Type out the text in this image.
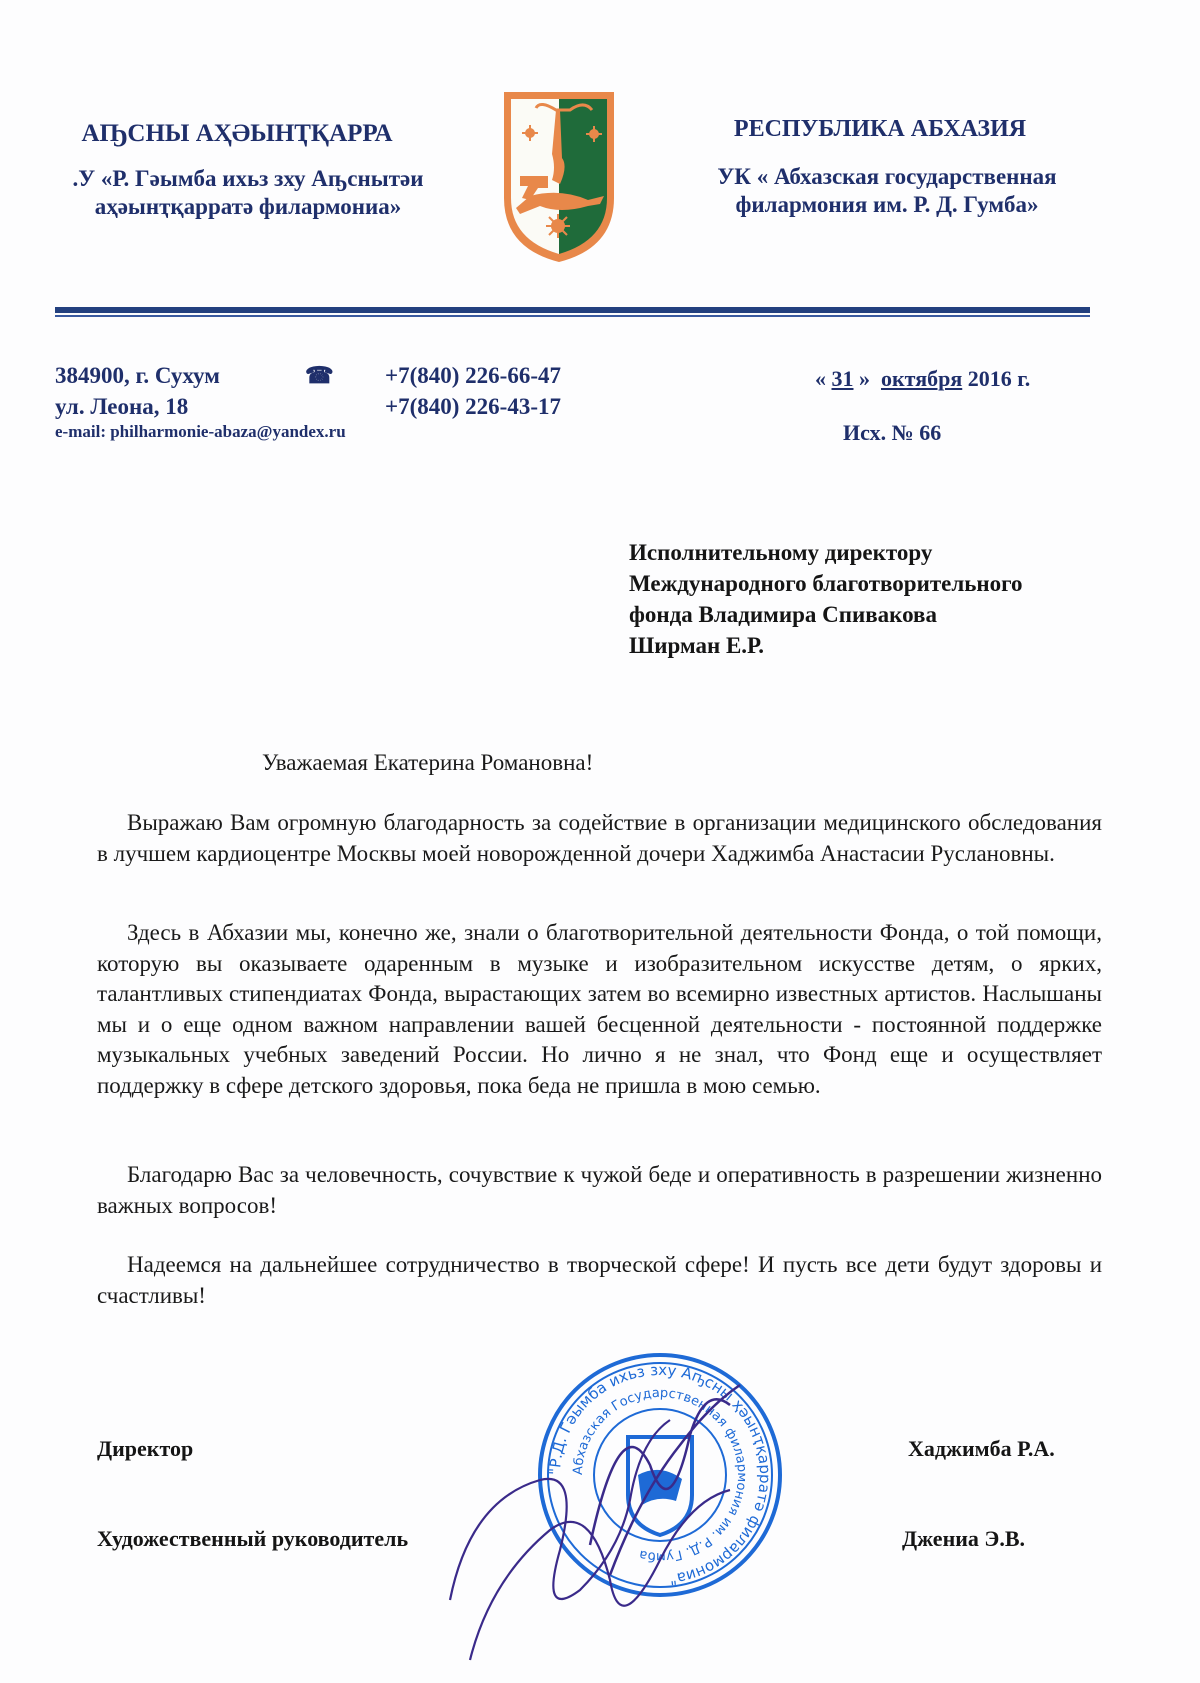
АҦСНЫ АҲӘЫНҬҚАРРА
.У «Р. Гәымба ихьз зху Аҧснытәи
аҳәынҭқарратә филармониа»
РЕСПУБЛИКА АБХАЗИЯ
УК « Абхазская государственная
филармония им. Р. Д. Гумба»
384900, г. Сухум	☎	+7(840) 226-66-47
ул. Леона, 18	+7(840) 226-43-17
e-mail: philharmonie-abaza@yandex.ru
« 31 » октября 2016 г.
Исх. № 66
Исполнительному директору
Международного благотворительного
фонда Владимира Спивакова
Ширман Е.Р.
Уважаемая Екатерина Романовна!

Выражаю Вам огромную благодарность за содействие в организации медицинского обследования в лучшем кардиоцентре Москвы моей новорожденной дочери Хаджимба Анастасии Руслановны.

Здесь в Абхазии мы, конечно же, знали о благотворительной деятельности Фонда, о той помощи, которую вы оказываете одаренным в музыке и изобразительном искусстве детям, о ярких, талантливых стипендиатах Фонда, вырастающих затем во всемирно известных артистов. Наслышаны мы и о еще одном важном направлении вашей бесценной деятельности - постоянной поддержке музыкальных учебных заведений России. Но лично я не знал, что Фонд еще и осуществляет поддержку в сфере детского здоровья, пока беда не пришла в мою семью.

Благодарю Вас за человечность, сочувствие к чужой беде и оперативность в разрешении жизненно важных вопросов!

Надеемся на дальнейшее сотрудничество в творческой сфере! И пусть все дети будут здоровы и счастливы!

"Р.Д. Гәымба ихьз зху Аҧсны ҳәынҭқарратә филармониа"
Абхазская Государственная филармония им. Р.Д. Гумба
Директор	Хаджимба Р.А.
Художественный руководитель	Джениа Э.В.
